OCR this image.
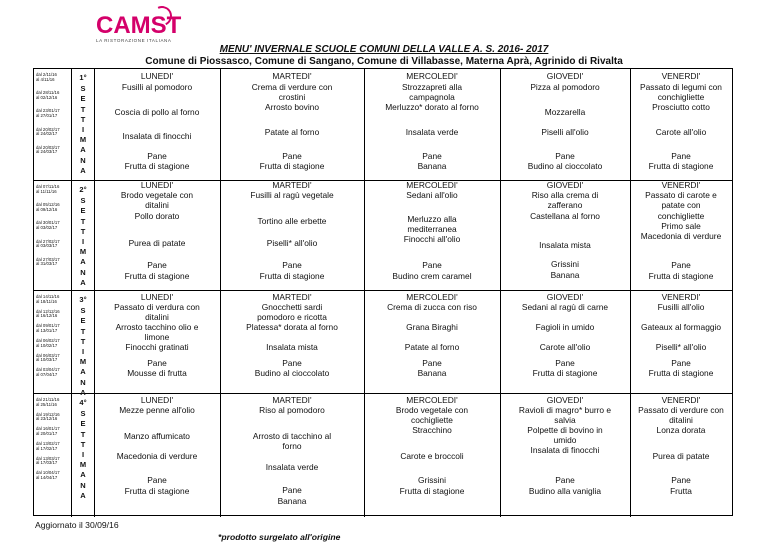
CAMST
LA RISTORAZIONE ITALIANA
MENU' INVERNALE SCUOLE COMUNI DELLA VALLE A. S. 2016- 2017
Comune di Piossasco, Comune di Sangano, Comune di Villabasse, Materna Aprà, Agrinido di Rivalta
dal 2/11/16
al 4/11/16
dal 28/11/16
al 02/12/16
dal 23/01/17
al 27/01/17
dal 20/02/17
al 24/02/17
dal 20/03/17
al 24/03/17
1°
S
E
T
T
I
M
A
N
A
LUNEDI'
Fusilli al pomodoro
Coscia di pollo al forno
Insalata di finocchi
Pane
Frutta di stagione
MARTEDI'
Crema di verdure con
crostini
Arrosto bovino
Patate al forno
Pane
Frutta di stagione
MERCOLEDI'
Strozzapreti alla
campagnola
Merluzzo* dorato al forno
Insalata verde
Pane
Banana
GIOVEDI'
Pizza al pomodoro
Mozzarella
Piselli all'olio
Pane
Budino al cioccolato
VENERDI'
Passato di legumi con
conchigliette
Prosciutto cotto
Carote all'olio
Pane
Frutta di stagione
dal 07/11/16
al 11/11/16
dal 05/12/16
al 09/12/16
dal 30/01/17
al 03/02/17
dal 27/02/17
al 03/03/17
dal 27/03/17
al 31/03/17
2°
S
E
T
T
I
M
A
N
A
LUNEDI'
Brodo vegetale con
ditalini
Pollo dorato
Purea di patate
Pane
Frutta di stagione
MARTEDI'
Fusilli al ragù vegetale
Tortino alle erbette
Piselli* all'olio
Pane
Frutta di stagione
MERCOLEDI'
Sedani all'olio
Merluzzo alla
mediterranea
Finocchi all'olio
Pane
Budino crem caramel
GIOVEDI'
Riso alla crema di
zafferano
Castellana al forno
Insalata mista
Grissini
Banana
VENERDI'
Passato di carote e
patate con
conchigliette
Primo sale
Macedonia di verdure
Pane
Frutta di stagione
dal 14/11/16
al 18/11/16
dal 12/12/16
al 16/12/16
dal 09/01/17
al 13/01/17
dal 06/02/17
al 10/02/17
dal 06/03/17
al 10/03/17
dal 03/04/17
al 07/04/17
3°
S
E
T
T
I
M
A
N
A
LUNEDI'
Passato di verdura con
ditalini
Arrosto tacchino olio e
limone
Finocchi gratinati
Pane
Mousse di frutta
MARTEDI'
Gnocchetti sardi
pomodoro e ricotta
Platessa* dorata al forno
Insalata mista
Pane
Budino al cioccolato
MERCOLEDI'
Crema di zucca con riso
Grana Biraghi
Patate al forno
Pane
Banana
GIOVEDI'
Sedani al ragù di carne
Fagioli in umido
Carote all'olio
Pane
Frutta di stagione
VENERDI'
Fusilli all'olio
Gateaux al formaggio
Piselli* all'olio
Pane
Frutta di stagione
dal 21/11/16
al 25/11/16
dal 19/12/16
al 23/12/16
dal 16/01/17
al 20/01/17
dal 13/02/17
al 17/02/17
dal 13/03/17
al 17/03/17
dal 10/04/17
al 14/04/17
4°
S
E
T
T
I
M
A
N
A
LUNEDI'
Mezze penne all'olio
Manzo affumicato
Macedonia di verdure
Pane
Frutta di stagione
MARTEDI'
Riso al pomodoro
Arrosto di tacchino al
forno
Insalata verde
Pane
Banana
MERCOLEDI'
Brodo vegetale con
cochigliette
Stracchino
Carote e broccoli
Grissini
Frutta di stagione
GIOVEDI'
Ravioli di magro* burro e
salvia
Polpette di bovino in
umido
Insalata di finocchi
Pane
Budino alla vaniglia
VENERDI'
Passato di verdure con
ditalini
Lonza dorata
Purea di patate
Pane
Frutta
Aggiornato il 30/09/16
*prodotto surgelato all'origine
